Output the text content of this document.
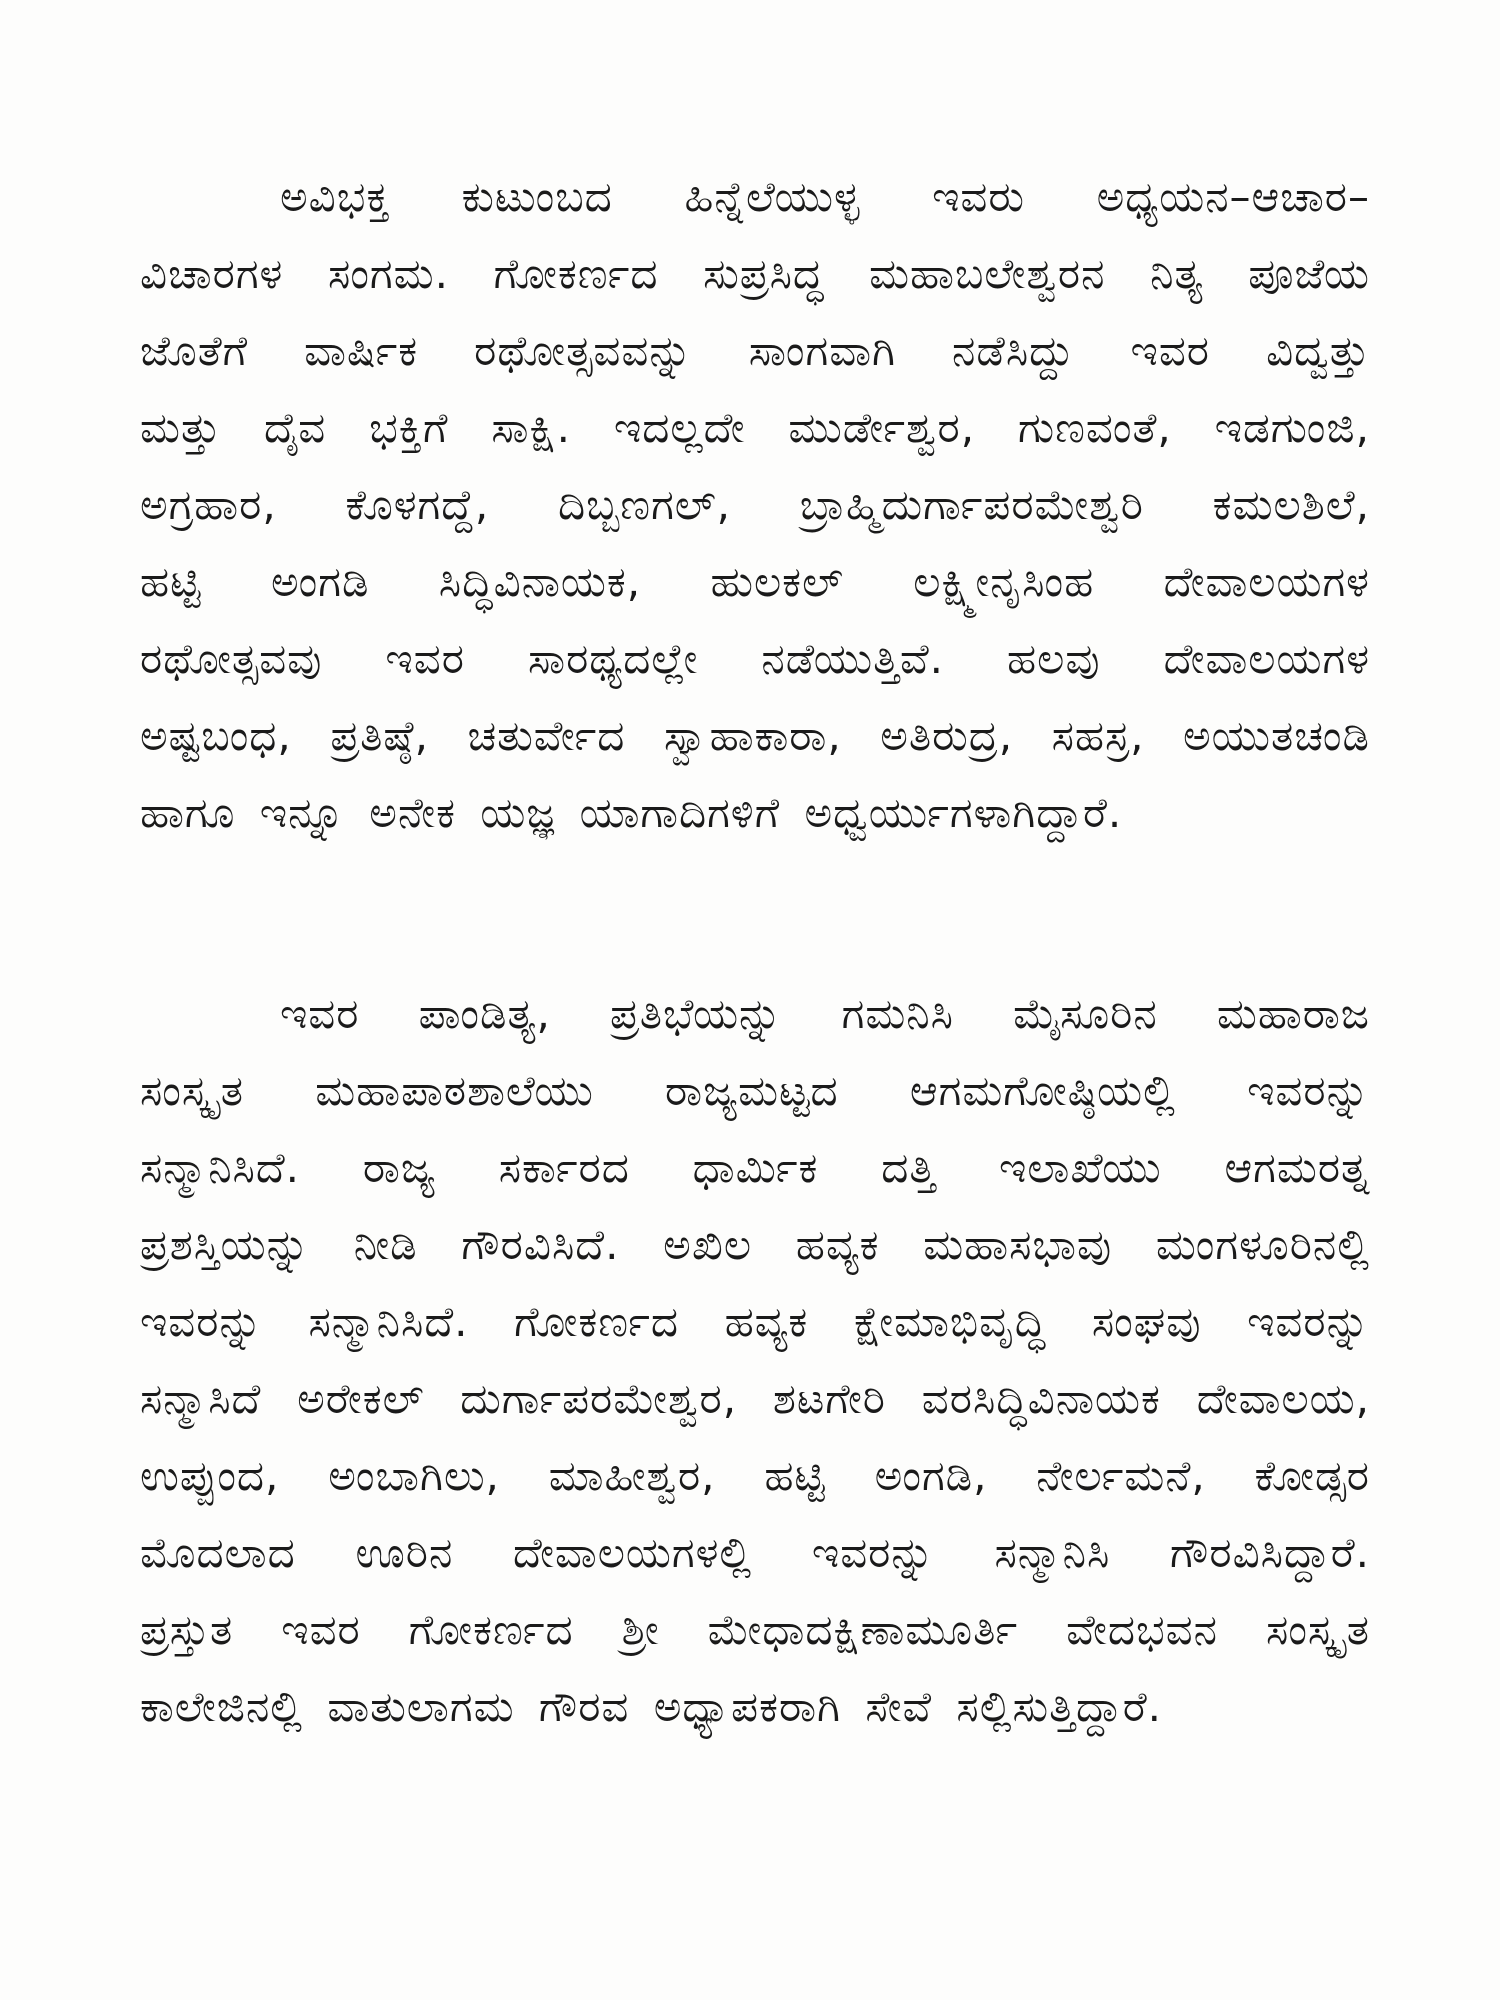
ಅವಿಭಕ್ತ ಕುಟುಂಬದ ಹಿನ್ನೆಲೆಯುಳ್ಳ ಇವರು ಅಧ್ಯಯನ–ಆಚಾರ–
ವಿಚಾರಗಳ ಸಂಗಮ. ಗೋಕರ್ಣದ ಸುಪ್ರಸಿದ್ಧ ಮಹಾಬಲೇಶ್ವರನ ನಿತ್ಯ ಪೂಜೆಯ
ಜೊತೆಗೆ ವಾರ್ಷಿಕ ರಥೋತ್ಸವವನ್ನು ಸಾಂಗವಾಗಿ ನಡೆಸಿದ್ದು ಇವರ ವಿದ್ವತ್ತು
ಮತ್ತು ದೈವ ಭಕ್ತಿಗೆ ಸಾಕ್ಷಿ. ಇದಲ್ಲದೇ ಮುರ್ಡೇಶ್ವರ, ಗುಣವಂತೆ, ಇಡಗುಂಜಿ,
ಅಗ್ರಹಾರ, ಕೊಳಗದ್ದೆ, ದಿಬ್ಬಣಗಲ್, ಬ್ರಾಹ್ಮಿದುರ್ಗಾಪರಮೇಶ್ವರಿ ಕಮಲಶಿಲೆ,
ಹಟ್ಟಿ ಅಂಗಡಿ ಸಿದ್ಧಿವಿನಾಯಕ, ಹುಲಕಲ್ ಲಕ್ಷ್ಮೀನೃಸಿಂಹ ದೇವಾಲಯಗಳ
ರಥೋತ್ಸವವು ಇವರ ಸಾರಥ್ಯದಲ್ಲೇ ನಡೆಯುತ್ತಿವೆ. ಹಲವು ದೇವಾಲಯಗಳ
ಅಷ್ಟಬಂಧ, ಪ್ರತಿಷ್ಠೆ, ಚತುರ್ವೇದ ಸ್ವಾಹಾಕಾರಾ, ಅತಿರುದ್ರ, ಸಹಸ್ರ, ಅಯುತಚಂಡಿ
ಹಾಗೂ ಇನ್ನೂ ಅನೇಕ ಯಜ್ಞ ಯಾಗಾದಿಗಳಿಗೆ ಅಧ್ವರ್ಯುಗಳಾಗಿದ್ದಾರೆ.
ಇವರ ಪಾಂಡಿತ್ಯ, ಪ್ರತಿಭೆಯನ್ನು ಗಮನಿಸಿ ಮೈಸೂರಿನ ಮಹಾರಾಜ
ಸಂಸ್ಕೃತ ಮಹಾಪಾಠಶಾಲೆಯು ರಾಜ್ಯಮಟ್ಟದ ಆಗಮಗೋಷ್ಠಿಯಲ್ಲಿ ಇವರನ್ನು
ಸನ್ಮಾನಿಸಿದೆ. ರಾಜ್ಯ ಸರ್ಕಾರದ ಧಾರ್ಮಿಕ ದತ್ತಿ ಇಲಾಖೆಯು ಆಗಮರತ್ನ
ಪ್ರಶಸ್ತಿಯನ್ನು ನೀಡಿ ಗೌರವಿಸಿದೆ. ಅಖಿಲ ಹವ್ಯಕ ಮಹಾಸಭಾವು ಮಂಗಳೂರಿನಲ್ಲಿ
ಇವರನ್ನು ಸನ್ಮಾನಿಸಿದೆ. ಗೋಕರ್ಣದ ಹವ್ಯಕ ಕ್ಷೇಮಾಭಿವೃದ್ಧಿ ಸಂಘವು ಇವರನ್ನು
ಸನ್ಮಾಸಿದೆ ಅರೇಕಲ್ ದುರ್ಗಾಪರಮೇಶ್ವರ, ಶಟಗೇರಿ ವರಸಿದ್ಧಿವಿನಾಯಕ ದೇವಾಲಯ,
ಉಪ್ಪುಂದ, ಅಂಬಾಗಿಲು, ಮಾಹೀಶ್ವರ, ಹಟ್ಟಿ ಅಂಗಡಿ, ನೇರ್ಲಮನೆ, ಕೋಡ್ಸರ
ಮೊದಲಾದ ಊರಿನ ದೇವಾಲಯಗಳಲ್ಲಿ ಇವರನ್ನು ಸನ್ಮಾನಿಸಿ ಗೌರವಿಸಿದ್ದಾರೆ.
ಪ್ರಸ್ತುತ ಇವರ ಗೋಕರ್ಣದ ಶ್ರೀ ಮೇಧಾದಕ್ಷಿಣಾಮೂರ್ತಿ ವೇದಭವನ ಸಂಸ್ಕೃತ
ಕಾಲೇಜಿನಲ್ಲಿ ವಾತುಲಾಗಮ ಗೌರವ ಅಧ್ಯಾಪಕರಾಗಿ ಸೇವೆ ಸಲ್ಲಿಸುತ್ತಿದ್ದಾರೆ.
